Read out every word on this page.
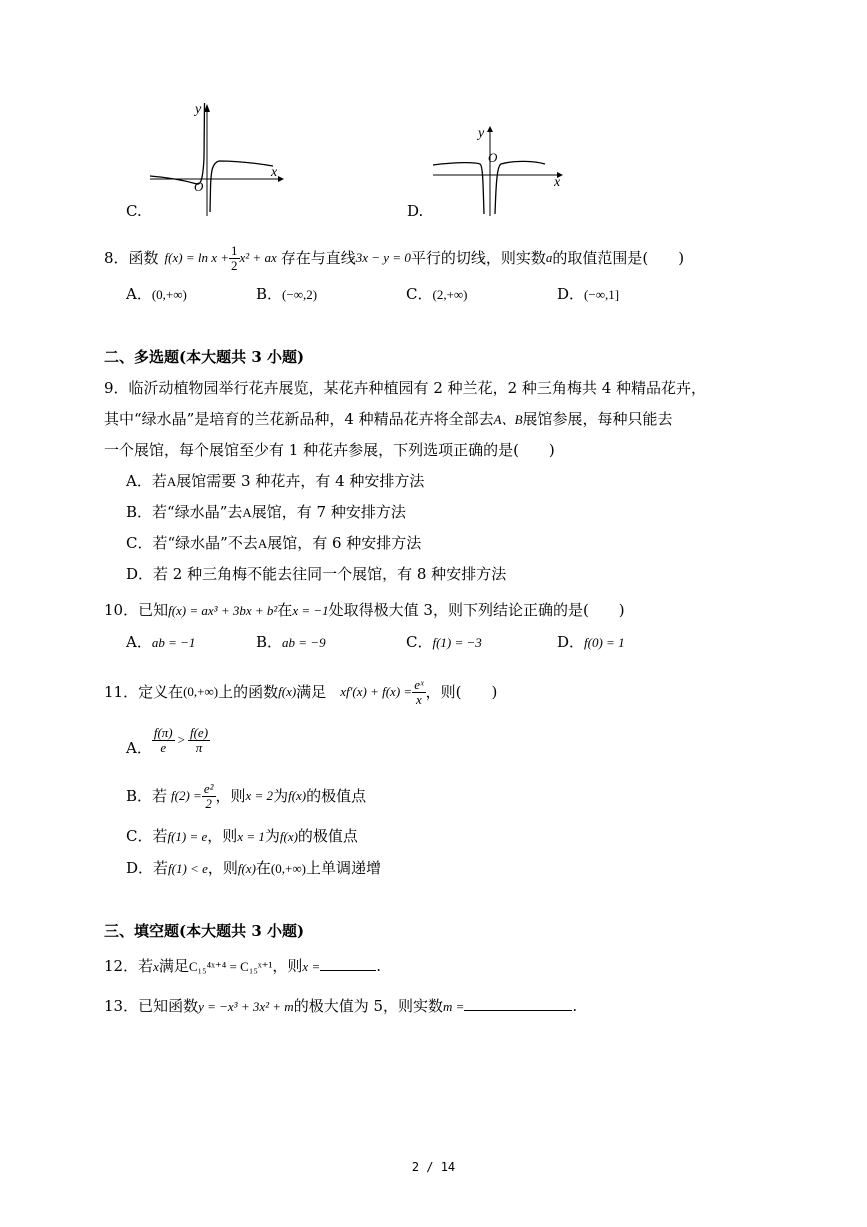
y
x
O
C.
y
x
O
D.
8．函数 $f(x) = \ln x + \frac{1}{2} x^2$ + ax 存在与直线 3x − y = 0 平行的切线，则实数 a 的取值范围是(　　)
A．(0,+∞)	B．(−∞,2)	C．(2,+∞)	D．(−∞,1]
二、多选题(本大题共 3 小题)
9．临沂动植物园举行花卉展览，某花卉种植园有 2 种兰花，2 种三角梅共 4 种精品花卉，
其中“绿水晶”是培育的兰花新品种，4 种精品花卉将全部去A、B展馆参展，每种只能去
一个展馆，每个展馆至少有 1 种花卉参展，下列选项正确的是(　　)
A．若A展馆需要 3 种花卉，有 4 种安排方法
B．若“绿水晶”去A展馆，有 7 种安排方法
C．若“绿水晶”不去A展馆，有 6 种安排方法
D．若 2 种三角梅不能去往同一个展馆，有 8 种安排方法
10．已知f(x) = ax³ + 3bx + b²在x = −1处取得极大值 3，则下列结论正确的是(　　)
A．ab = −1	B．ab = −9	C．f(1) = −3	D．f(0) = 1
11．定义在 (0,+∞) 上的函数 f(x) 满足 $xf'(x) + f(x) = \frac{\text{eˣ}}{x}$ ，则(　　)
A． $\frac{f(\pi)}{e} > \frac{f(e)}{\pi}$
B．若 $f(2) = \frac{\text{e²}}{2}$ ，则 x = 2 为 f(x) 的极值点
C．若f(1) = e，则x = 1为f(x)的极值点
D．若f(1) < e，则f(x)在(0,+∞)上单调递增
三、填空题(本大题共 3 小题)
12．若x满足C₁₅⁴ˣ⁺⁴ = C₁₅ˣ⁺¹，则x =	.
13．已知函数y = −x³ + 3x² + m的极大值为 5，则实数m =	.
2 / 14
